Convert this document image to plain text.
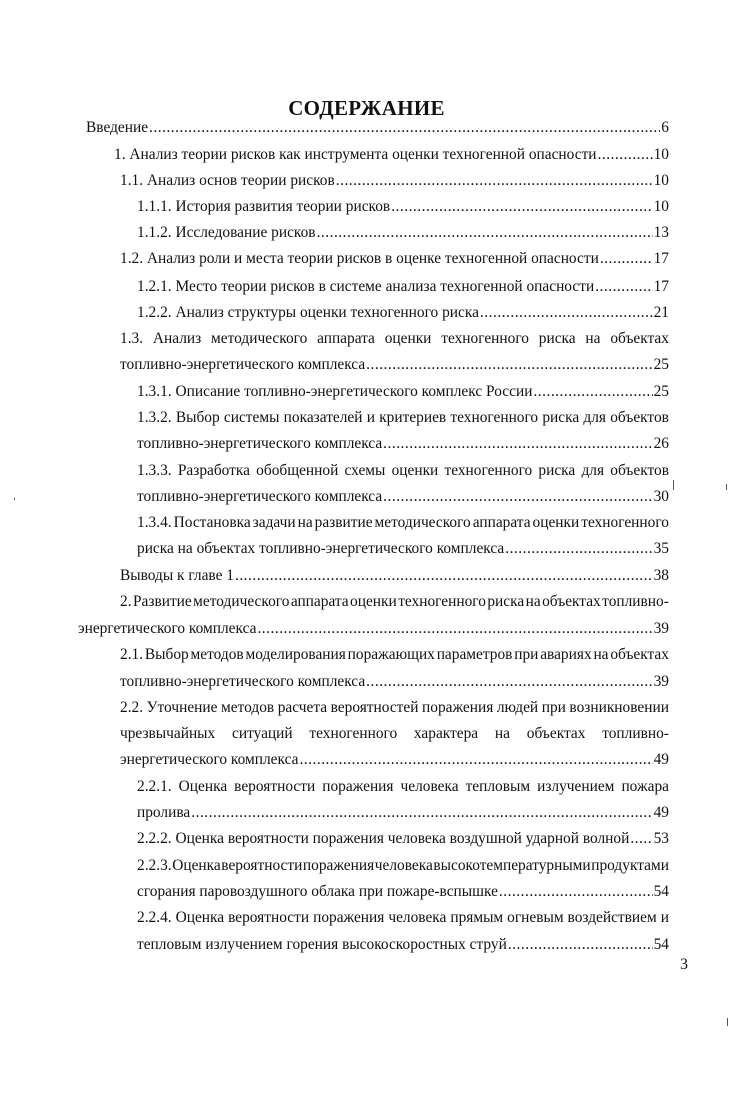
СОДЕРЖАНИЕ
Введение .....	6
1. Анализ теории рисков как инструмента оценки техногенной опасности .....	10
1.1. Анализ основ теории рисков .....	10
1.1.1. История развития теории рисков .....	10
1.1.2. Исследование рисков .....	13
1.2. Анализ роли и места теории рисков в оценке техногенной опасности .....	17
1.2.1. Место теории рисков в системе анализа техногенной опасности .....	17
1.2.2. Анализ структуры оценки техногенного риска .....	21
1.3. Анализ методического аппарата оценки техногенного риска на объектах
топливно-энергетического комплекса .....	25
1.3.1. Описание топливно-энергетического комплекс России .....	25
1.3.2. Выбор системы показателей и критериев техногенного риска для объектов
топливно-энергетического комплекса .....	26
1.3.3. Разработка обобщенной схемы оценки техногенного риска для объектов
топливно-энергетического комплекса .....	30
1.3.4. Постановка задачи на развитие методического аппарата оценки техногенного
риска на объектах топливно-энергетического комплекса .....	35
Выводы к главе 1 .....	38
2. Развитие методического аппарата оценки техногенного риска на объектах топливно-
энергетического комплекса .....	39
2.1. Выбор методов моделирования поражающих параметров при авариях на объектах
топливно-энергетического комплекса .....	39
2.2. Уточнение методов расчета вероятностей поражения людей при возникновении
чрезвычайных ситуаций техногенного характера на объектах топливно-
энергетического комплекса .....	49
2.2.1. Оценка вероятности поражения человека тепловым излучением пожара
пролива .....	49
2.2.2. Оценка вероятности поражения человека воздушной ударной волной ..... 53
2.2.3. Оценка вероятности поражения человека высокотемпературными продуктами
сгорания паровоздушного облака при пожаре-вспышке .....	54
2.2.4. Оценка вероятности поражения человека прямым огневым воздействием и
тепловым излучением горения высокоскоростных струй .....	54
3
